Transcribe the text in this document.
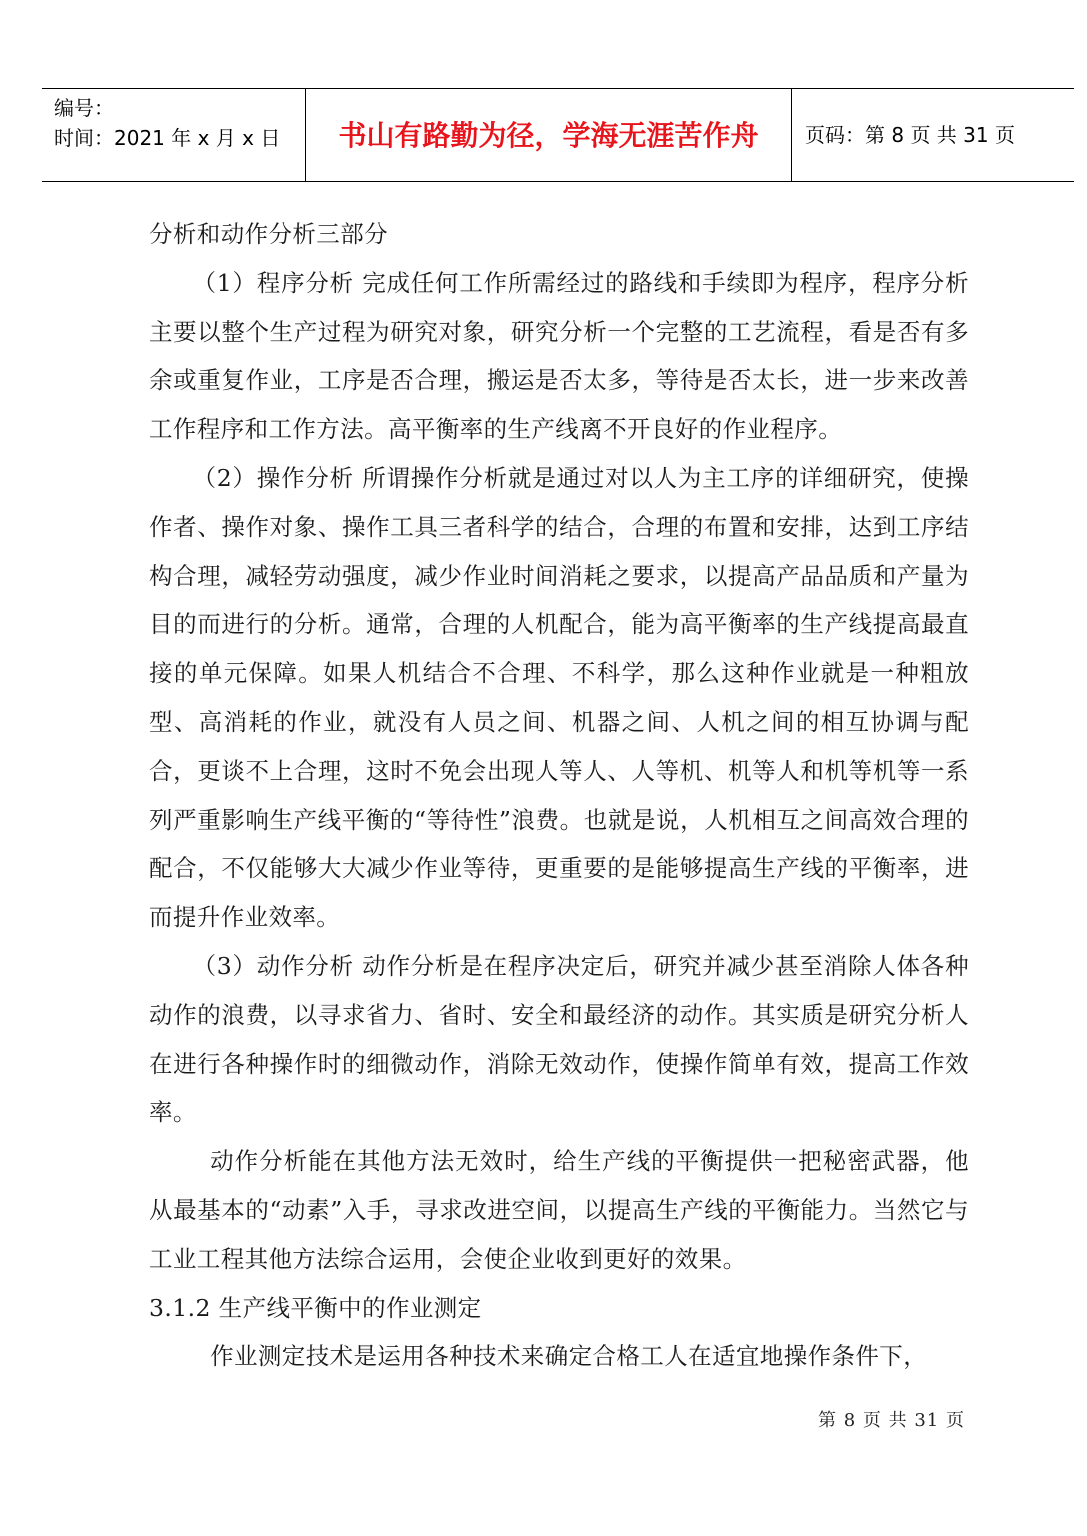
编号：
时间：2021 年 x 月 x 日	书山有路勤为径，学海无涯苦作舟	页码：第 8 页 共 31 页

分析和动作分析三部分

（1）程序分析 完成任何工作所需经过的路线和手续即为程序，程序分析主要以整个生产过程为研究对象，研究分析一个完整的工艺流程，看是否有多余或重复作业，工序是否合理，搬运是否太多，等待是否太长，进一步来改善工作程序和工作方法。高平衡率的生产线离不开良好的作业程序。

（2）操作分析 所谓操作分析就是通过对以人为主工序的详细研究，使操作者、操作对象、操作工具三者科学的结合，合理的布置和安排，达到工序结构合理，减轻劳动强度，减少作业时间消耗之要求，以提高产品品质和产量为目的而进行的分析。通常，合理的人机配合，能为高平衡率的生产线提高最直接的单元保障。如果人机结合不合理、不科学，那么这种作业就是一种粗放型、高消耗的作业，就没有人员之间、机器之间、人机之间的相互协调与配合，更谈不上合理，这时不免会出现人等人、人等机、机等人和机等机等一系列严重影响生产线平衡的“等待性”浪费。也就是说，人机相互之间高效合理的配合，不仅能够大大减少作业等待，更重要的是能够提高生产线的平衡率，进而提升作业效率。

（3）动作分析 动作分析是在程序决定后，研究并减少甚至消除人体各种动作的浪费，以寻求省力、省时、安全和最经济的动作。其实质是研究分析人在进行各种操作时的细微动作，消除无效动作，使操作简单有效，提高工作效率。

动作分析能在其他方法无效时，给生产线的平衡提供一把秘密武器，他从最基本的“动素”入手，寻求改进空间，以提高生产线的平衡能力。当然它与工业工程其他方法综合运用，会使企业收到更好的效果。

3.1.2 生产线平衡中的作业测定

作业测定技术是运用各种技术来确定合格工人在适宜地操作条件下，

第 8 页 共 31 页
